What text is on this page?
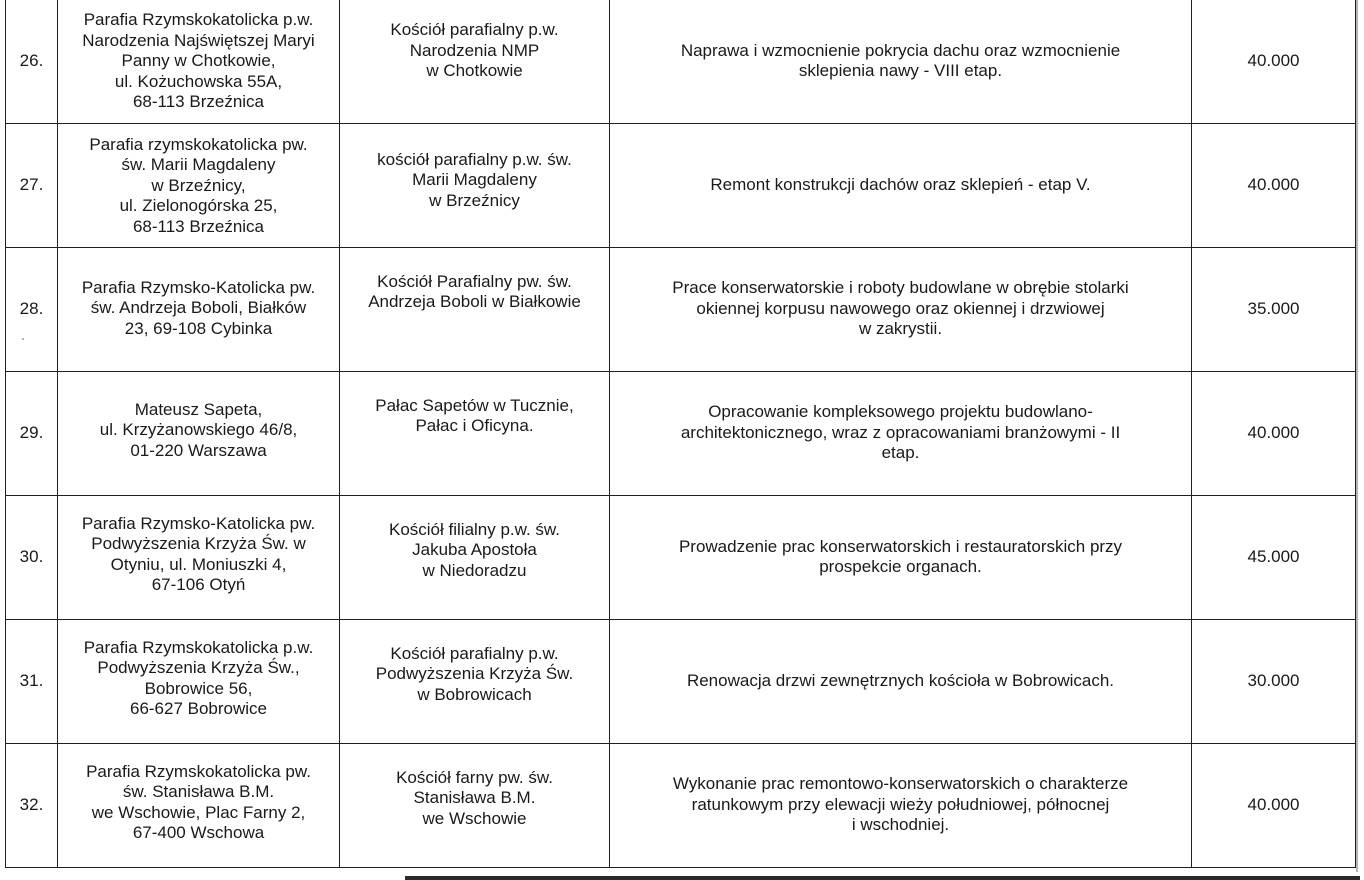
26.	Parafia Rzymskokatolicka p.w.
Narodzenia Najświętszej Maryi
Panny w Chotkowie,
ul. Kożuchowska 55A,
68-113 Brzeźnica	Kościół parafialny p.w.
Narodzenia NMP
w Chotkowie	Naprawa i wzmocnienie pokrycia dachu oraz wzmocnienie
sklepienia nawy - VIII etap.	40.000
27.	Parafia rzymskokatolicka pw.
św. Marii Magdaleny
w Brzeźnicy,
ul. Zielonogórska 25,
68-113 Brzeźnica	kościół parafialny p.w. św.
Marii Magdaleny
w Brzeźnicy	Remont konstrukcji dachów oraz sklepień - etap V.	40.000
28.	Parafia Rzymsko-Katolicka pw.
św. Andrzeja Boboli, Białków
23, 69-108 Cybinka	Kościół Parafialny pw. św.
Andrzeja Boboli w Białkowie	Prace konserwatorskie i roboty budowlane w obrębie stolarki
okiennej korpusu nawowego oraz okiennej i drzwiowej
w zakrystii.	35.000
29.	Mateusz Sapeta,
ul. Krzyżanowskiego 46/8,
01-220 Warszawa	Pałac Sapetów w Tucznie,
Pałac i Oficyna.	Opracowanie kompleksowego projektu budowlano-
architektonicznego, wraz z opracowaniami branżowymi - II
etap.	40.000
30.	Parafia Rzymsko-Katolicka pw.
Podwyższenia Krzyża Św. w
Otyniu, ul. Moniuszki 4,
67-106 Otyń	Kościół filialny p.w. św.
Jakuba Apostoła
w Niedoradzu	Prowadzenie prac konserwatorskich i restauratorskich przy
prospekcie organach.	45.000
31.	Parafia Rzymskokatolicka p.w.
Podwyższenia Krzyża Św.,
Bobrowice 56,
66-627 Bobrowice	Kościół parafialny p.w.
Podwyższenia Krzyża Św.
w Bobrowicach	Renowacja drzwi zewnętrznych kościoła w Bobrowicach.	30.000
32.	Parafia Rzymskokatolicka pw.
św. Stanisława B.M.
we Wschowie, Plac Farny 2,
67-400 Wschowa	Kościół farny pw. św.
Stanisława B.M.
we Wschowie	Wykonanie prac remontowo-konserwatorskich o charakterze
ratunkowym przy elewacji wieży południowej, północnej
i wschodniej.	40.000
